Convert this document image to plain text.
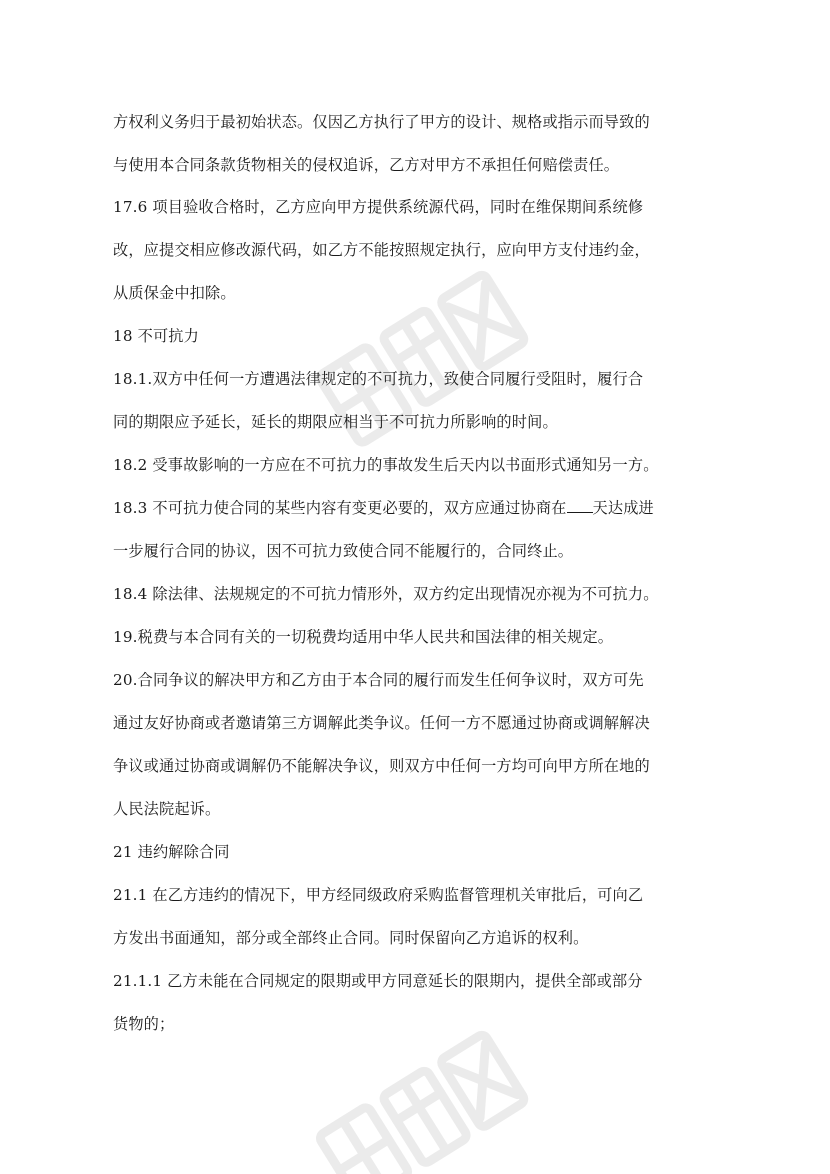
方权利义务归于最初始状态。仅因乙方执行了甲方的设计、规格或指示而导致的
与使用本合同条款货物相关的侵权追诉，乙方对甲方不承担任何赔偿责任。
17.6 项目验收合格时，乙方应向甲方提供系统源代码，同时在维保期间系统修
改，应提交相应修改源代码，如乙方不能按照规定执行，应向甲方支付违约金，
从质保金中扣除。
18 不可抗力
18.1.双方中任何一方遭遇法律规定的不可抗力，致使合同履行受阻时，履行合
同的期限应予延长，延长的期限应相当于不可抗力所影响的时间。
18.2 受事故影响的一方应在不可抗力的事故发生后天内以书面形式通知另一方。
18.3 不可抗力使合同的某些内容有变更必要的，双方应通过协商在 天达成进
一步履行合同的协议，因不可抗力致使合同不能履行的，合同终止。
18.4 除法律、法规规定的不可抗力情形外，双方约定出现情况亦视为不可抗力。
19.税费与本合同有关的一切税费均适用中华人民共和国法律的相关规定。
20.合同争议的解决甲方和乙方由于本合同的履行而发生任何争议时，双方可先
通过友好协商或者邀请第三方调解此类争议。任何一方不愿通过协商或调解解决
争议或通过协商或调解仍不能解决争议，则双方中任何一方均可向甲方所在地的
人民法院起诉。
21 违约解除合同
21.1 在乙方违约的情况下，甲方经同级政府采购监督管理机关审批后，可向乙
方发出书面通知，部分或全部终止合同。同时保留向乙方追诉的权利。
21.1.1 乙方未能在合同规定的限期或甲方同意延长的限期内，提供全部或部分
货物的；
